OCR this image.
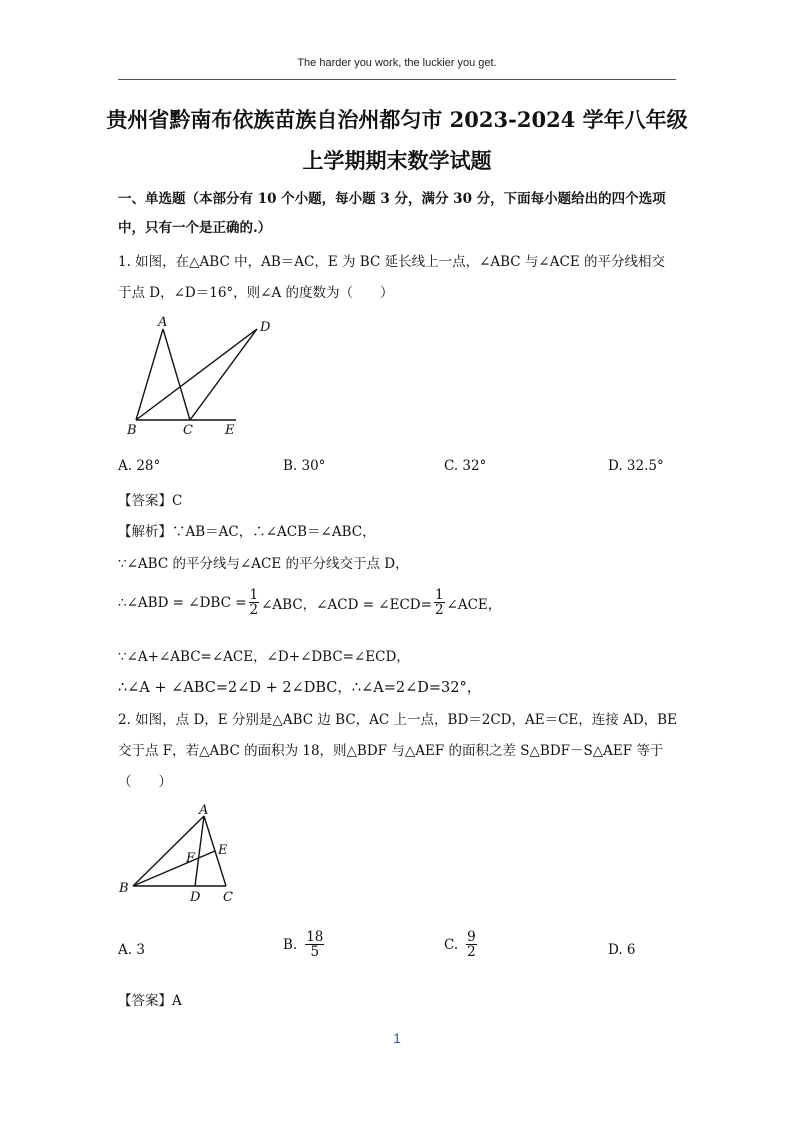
The harder you work, the luckier you get.
贵州省黔南布依族苗族自治州都匀市 2023-2024 学年八年级
上学期期末数学试题
一、单选题（本部分有 10 个小题，每小题 3 分，满分 30 分，下面每小题给出的四个选项
中，只有一个是正确的.）
1. 如图，在△ABC 中，AB＝AC，E 为 BC 延长线上一点，∠ABC 与∠ACE 的平分线相交
于点 D，∠D＝16°，则∠A 的度数为（　　）
A	D
B	C E
A. 28°	B. 30°	C. 32°	D. 32.5°
【答案】C
【解析】∵AB＝AC，∴∠ACB＝∠ABC，
∵∠ABC 的平分线与∠ACE 的平分线交于点 D，
∴∠ABD = ∠DBC = $\frac{1}{2}$ ∠ABC，∠ACD = ∠ECD= $\frac{1}{2}$ ∠ACE，
∵∠A+∠ABC=∠ACE，∠D+∠DBC=∠ECD，
∴∠A + ∠ABC=2∠D + 2∠DBC，∴∠A=2∠D=32°，
2. 如图，点 D，E 分别是△ABC 边 BC，AC 上一点，BD＝2CD，AE＝CE，连接 AD，BE
交于点 F，若△ABC 的面积为 18，则△BDF 与△AEF 的面积之差 S△BDF－S△AEF 等于
（　　）
A
E
F
B
D C
A. 3	B. $\frac{18}{5}$	C. $\frac{9}{2}$	D. 6
【答案】A
1
